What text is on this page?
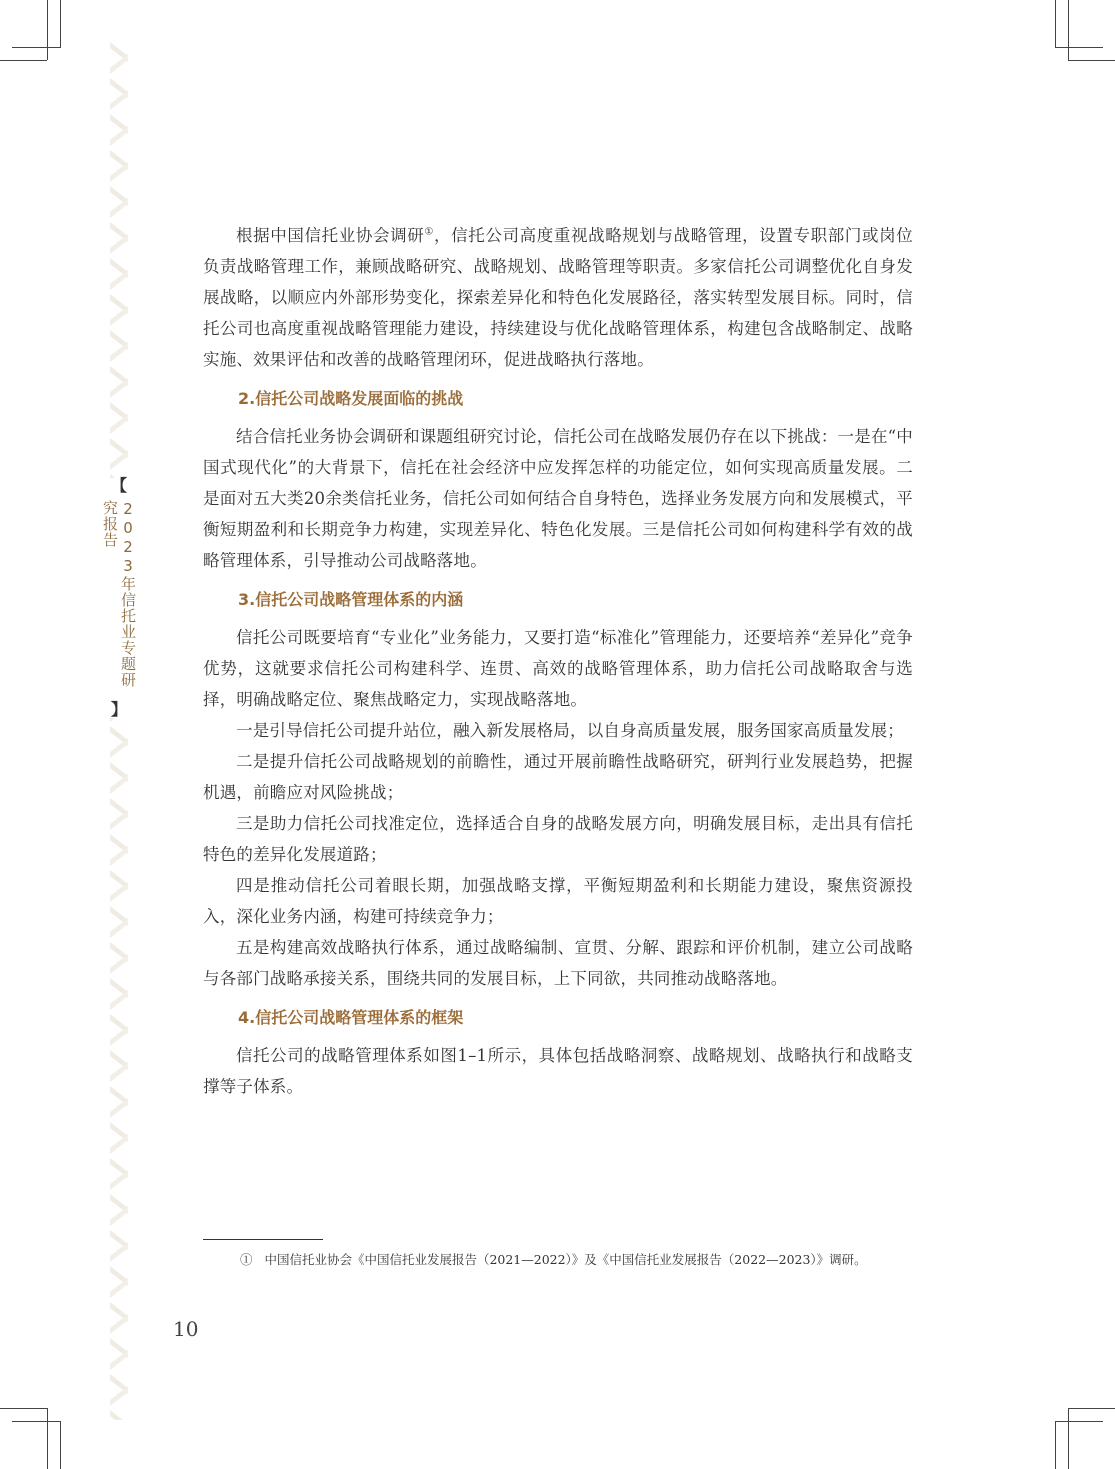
【
2023年信托业专题研究报告
】

根据中国信托业协会调研①，信托公司高度重视战略规划与战略管理，设置专职部门或岗位负责战略管理工作，兼顾战略研究、战略规划、战略管理等职责。多家信托公司调整优化自身发展战略，以顺应内外部形势变化，探索差异化和特色化发展路径，落实转型发展目标。同时，信托公司也高度重视战略管理能力建设，持续建设与优化战略管理体系，构建包含战略制定、战略实施、效果评估和改善的战略管理闭环，促进战略执行落地。

2.信托公司战略发展面临的挑战

结合信托业务协会调研和课题组研究讨论，信托公司在战略发展仍存在以下挑战：一是在“中国式现代化”的大背景下，信托在社会经济中应发挥怎样的功能定位，如何实现高质量发展。二是面对五大类20余类信托业务，信托公司如何结合自身特色，选择业务发展方向和发展模式，平衡短期盈利和长期竞争力构建，实现差异化、特色化发展。三是信托公司如何构建科学有效的战略管理体系，引导推动公司战略落地。

3.信托公司战略管理体系的内涵

信托公司既要培育“专业化”业务能力，又要打造“标准化”管理能力，还要培养“差异化”竞争优势，这就要求信托公司构建科学、连贯、高效的战略管理体系，助力信托公司战略取舍与选择，明确战略定位、聚焦战略定力，实现战略落地。

一是引导信托公司提升站位，融入新发展格局，以自身高质量发展，服务国家高质量发展；

二是提升信托公司战略规划的前瞻性，通过开展前瞻性战略研究，研判行业发展趋势，把握机遇，前瞻应对风险挑战；

三是助力信托公司找准定位，选择适合自身的战略发展方向，明确发展目标，走出具有信托特色的差异化发展道路；

四是推动信托公司着眼长期，加强战略支撑，平衡短期盈利和长期能力建设，聚焦资源投入，深化业务内涵，构建可持续竞争力；

五是构建高效战略执行体系，通过战略编制、宣贯、分解、跟踪和评价机制，建立公司战略与各部门战略承接关系，围绕共同的发展目标，上下同欲，共同推动战略落地。

4.信托公司战略管理体系的框架

信托公司的战略管理体系如图1–1所示，具体包括战略洞察、战略规划、战略执行和战略支撑等子体系。

① 中国信托业协会《中国信托业发展报告（2021—2022）》及《中国信托业发展报告（2022—2023）》调研。
10
